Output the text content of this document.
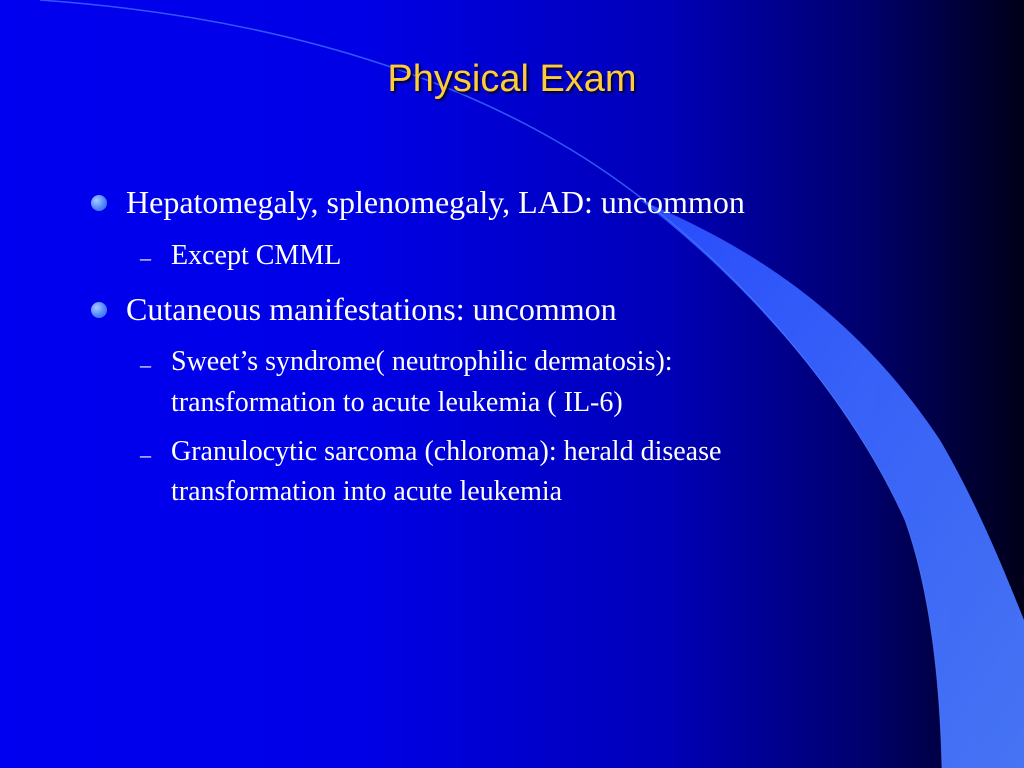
Physical Exam
Hepatomegaly, splenomegaly, LAD: uncommon
– Except CMML
Cutaneous manifestations: uncommon
– Sweet’s syndrome( neutrophilic dermatosis):
transformation to acute leukemia ( IL-6)
– Granulocytic sarcoma (chloroma): herald disease
transformation into acute leukemia
